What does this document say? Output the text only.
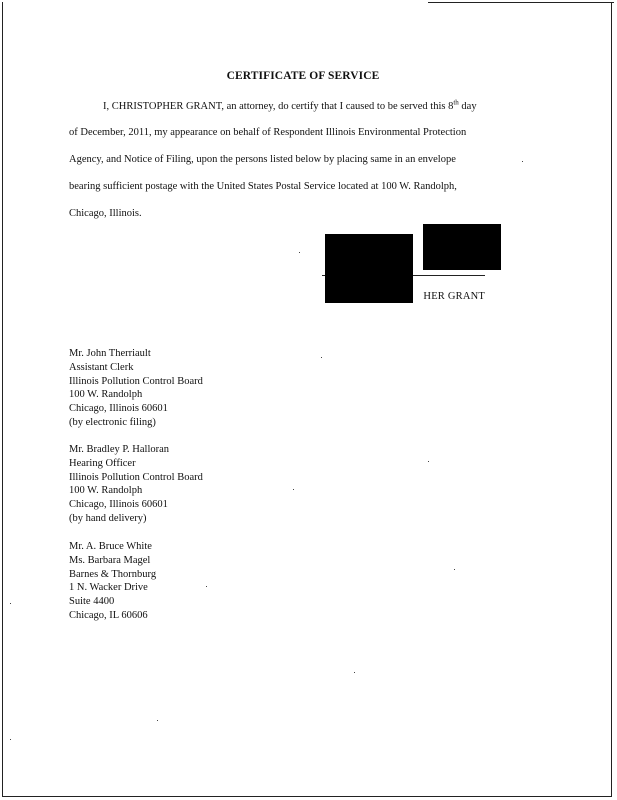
CERTIFICATE OF SERVICE
I, CHRISTOPHER GRANT, an attorney, do certify that I caused to be served this 8th day
of December, 2011, my appearance on behalf of Respondent Illinois Environmental Protection
Agency, and Notice of Filing, upon the persons listed below by placing same in an envelope
bearing sufficient postage with the United States Postal Service located at 100 W. Randolph,
Chicago, Illinois.
HER GRANT
Mr. John Therriault
Assistant Clerk
Illinois Pollution Control Board
100 W. Randolph
Chicago, Illinois 60601
(by electronic filing)
Mr. Bradley P. Halloran
Hearing Officer
Illinois Pollution Control Board
100 W. Randolph
Chicago, Illinois 60601
(by hand delivery)
Mr. A. Bruce White
Ms. Barbara Magel
Barnes & Thornburg
1 N. Wacker Drive
Suite 4400
Chicago, IL 60606
